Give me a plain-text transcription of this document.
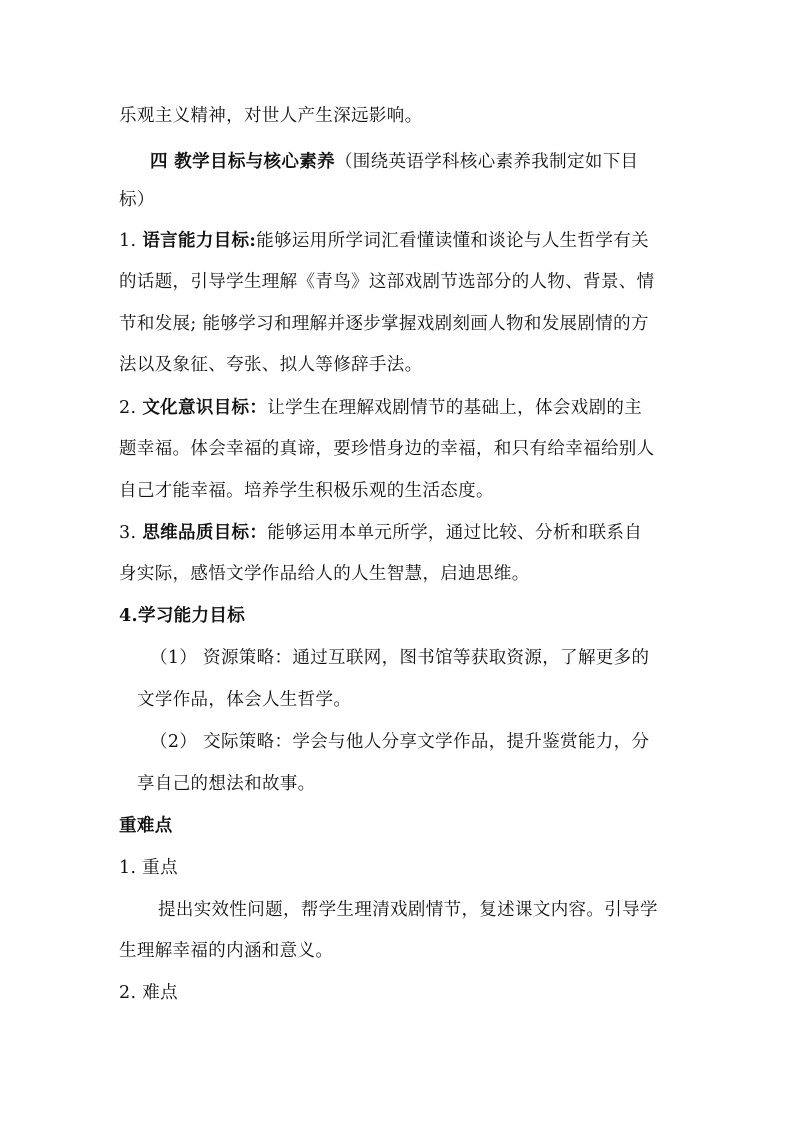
乐观主义精神，对世人产生深远影响。

四 教学目标与核心素养（围绕英语学科核心素养我制定如下目

标）

1. 语言能力目标:能够运用所学词汇看懂读懂和谈论与人生哲学有关

的话题，引导学生理解《青鸟》这部戏剧节选部分的人物、背景、情

节和发展; 能够学习和理解并逐步掌握戏剧刻画人物和发展剧情的方

法以及象征、夸张、拟人等修辞手法。

2. 文化意识目标：让学生在理解戏剧情节的基础上，体会戏剧的主

题幸福。体会幸福的真谛，要珍惜身边的幸福，和只有给幸福给别人

自己才能幸福。培养学生积极乐观的生活态度。

3. 思维品质目标：能够运用本单元所学，通过比较、分析和联系自

身实际，感悟文学作品给人的人生智慧，启迪思维。

4.学习能力目标

（1） 资源策略：通过互联网，图书馆等获取资源，了解更多的

文学作品，体会人生哲学。

（2） 交际策略：学会与他人分享文学作品，提升鉴赏能力，分

享自己的想法和故事。

重难点

1. 重点

提出实效性问题，帮学生理清戏剧情节，复述课文内容。引导学

生理解幸福的内涵和意义。

2. 难点
